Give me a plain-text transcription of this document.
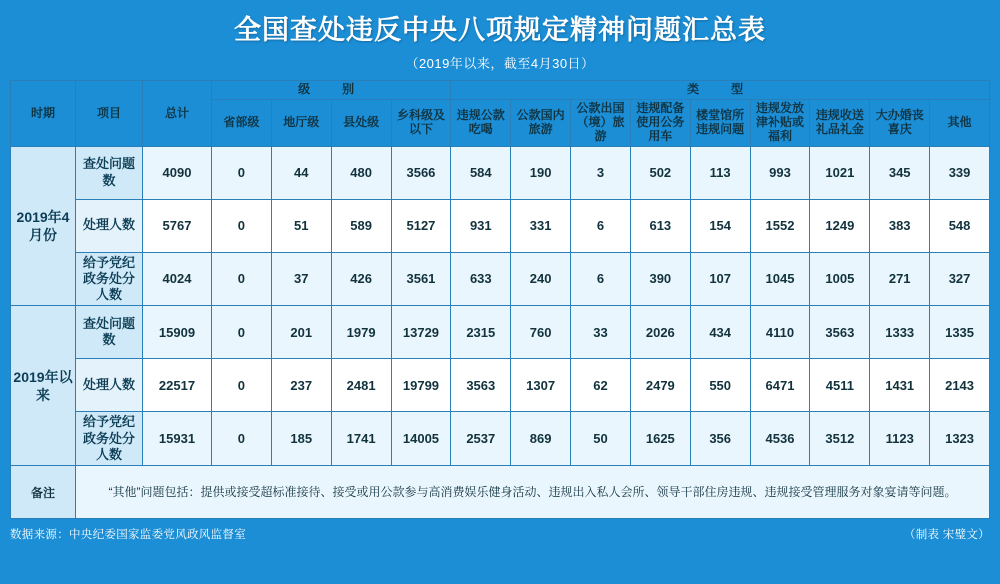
全国查处违反中央八项规定精神问题汇总表
（2019年以来，截至4月30日）
时期	项目	总计	级　别				类　型								
			省部级	地厅级	县处级	乡科级及以下	违规公款吃喝	公款国内旅游	公款出国（境）旅游	违规配备使用公务用车	楼堂馆所违规问题	违规发放津补贴或福利	违规收送礼品礼金	大办婚丧喜庆	其他
2019年4月份	查处问题数	4090	0	44	480	3566	584	190	3	502	113	993	1021	345	339
	处理人数	5767	0	51	589	5127	931	331	6	613	154	1552	1249	383	548
	给予党纪政务处分人数	4024	0	37	426	3561	633	240	6	390	107	1045	1005	271	327
2019年以来	查处问题数	15909	0	201	1979	13729	2315	760	33	2026	434	4110	3563	1333	1335
	处理人数	22517	0	237	2481	19799	3563	1307	62	2479	550	6471	4511	1431	2143
	给予党纪政务处分人数	15931	0	185	1741	14005	2537	869	50	1625	356	4536	3512	1123	1323
备注	“其他”问题包括：提供或接受超标准接待、接受或用公款参与高消费娱乐健身活动、违规出入私人会所、领导干部住房违规、违规接受管理服务对象宴请等问题。														
数据来源：中央纪委国家监委党风政风监督室	（制表 宋璧文）
